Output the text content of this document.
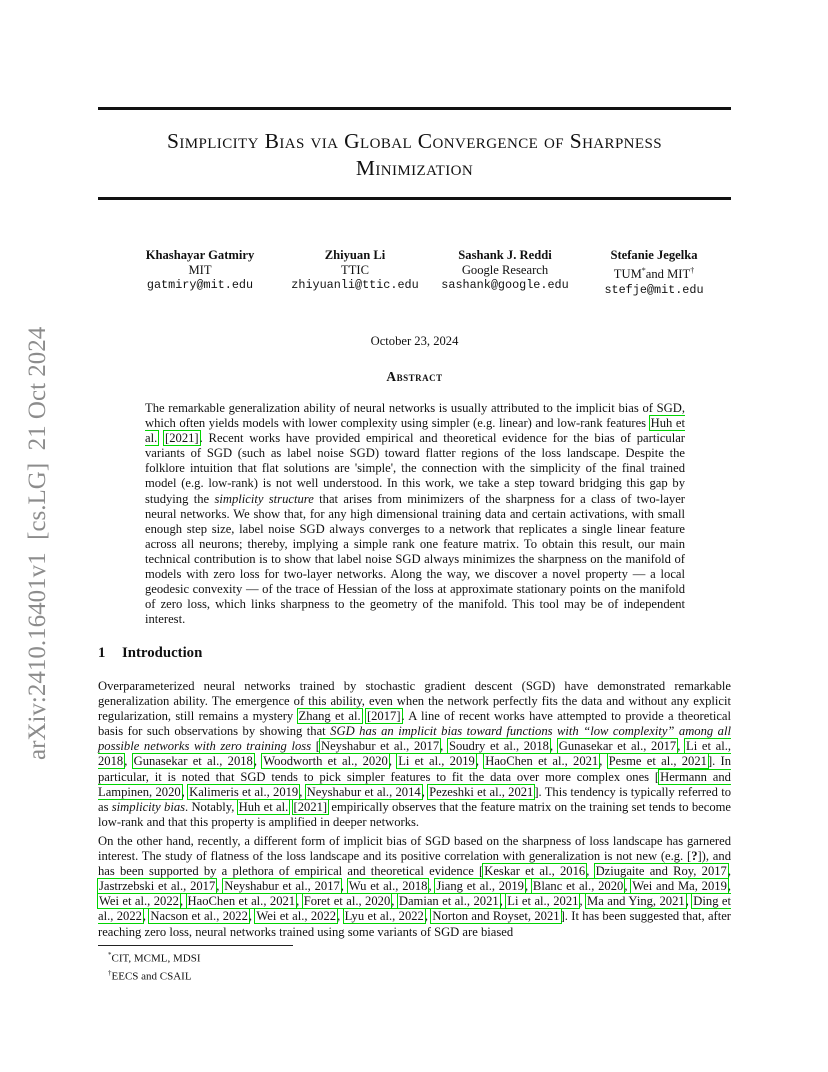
arXiv:2410.16401v1  [cs.LG]  21 Oct 2024
Simplicity Bias via Global Convergence of Sharpness
Minimization
Khashayar Gatmiry
MIT
gatmiry@mit.edu
Zhiyuan Li
TTIC
zhiyuanli@ttic.edu
Sashank J. Reddi
Google Research
sashank@google.edu
Stefanie Jegelka
TUM*and MIT†
stefje@mit.edu
October 23, 2024
Abstract
The remarkable generalization ability of neural networks is usually attributed to the implicit bias of SGD, which often yields models with lower complexity using simpler (e.g. linear) and low-rank features Huh et al. [2021]. Recent works have provided empirical and theoretical evidence for the bias of particular variants of SGD (such as label noise SGD) toward flatter regions of the loss landscape. Despite the folklore intuition that flat solutions are 'simple', the connection with the simplicity of the final trained model (e.g. low-rank) is not well understood. In this work, we take a step toward bridging this gap by studying the simplicity structure that arises from minimizers of the sharpness for a class of two-layer neural networks. We show that, for any high dimensional training data and certain activations, with small enough step size, label noise SGD always converges to a network that replicates a single linear feature across all neurons; thereby, implying a simple rank one feature matrix. To obtain this result, our main technical contribution is to show that label noise SGD always minimizes the sharpness on the manifold of models with zero loss for two-layer networks. Along the way, we discover a novel property — a local geodesic convexity — of the trace of Hessian of the loss at approximate stationary points on the manifold of zero loss, which links sharpness to the geometry of the manifold. This tool may be of independent interest.
1 Introduction
Overparameterized neural networks trained by stochastic gradient descent (SGD) have demonstrated remarkable generalization ability. The emergence of this ability, even when the network perfectly fits the data and without any explicit regularization, still remains a mystery Zhang et al. [2017]. A line of recent works have attempted to provide a theoretical basis for such observations by showing that SGD has an implicit bias toward functions with “low complexity” among all possible networks with zero training loss [Neyshabur et al., 2017, Soudry et al., 2018, Gunasekar et al., 2017, Li et al., 2018, Gunasekar et al., 2018, Woodworth et al., 2020, Li et al., 2019, HaoChen et al., 2021, Pesme et al., 2021]. In particular, it is noted that SGD tends to pick simpler features to fit the data over more complex ones [Hermann and Lampinen, 2020, Kalimeris et al., 2019, Neyshabur et al., 2014, Pezeshki et al., 2021]. This tendency is typically referred to as simplicity bias. Notably, Huh et al. [2021] empirically observes that the feature matrix on the training set tends to become low-rank and that this property is amplified in deeper networks.
On the other hand, recently, a different form of implicit bias of SGD based on the sharpness of loss landscape has garnered interest. The study of flatness of the loss landscape and its positive correlation with generalization is not new (e.g. [?]), and has been supported by a plethora of empirical and theoretical evidence [Keskar et al., 2016, Dziugaite and Roy, 2017, Jastrzebski et al., 2017, Neyshabur et al., 2017, Wu et al., 2018, Jiang et al., 2019, Blanc et al., 2020, Wei and Ma, 2019, Wei et al., 2022, HaoChen et al., 2021, Foret et al., 2020, Damian et al., 2021, Li et al., 2021, Ma and Ying, 2021, Ding et al., 2022, Nacson et al., 2022, Wei et al., 2022, Lyu et al., 2022, Norton and Royset, 2021]. It has been suggested that, after reaching zero loss, neural networks trained using some variants of SGD are biased
*CIT, MCML, MDSI
†EECS and CSAIL
